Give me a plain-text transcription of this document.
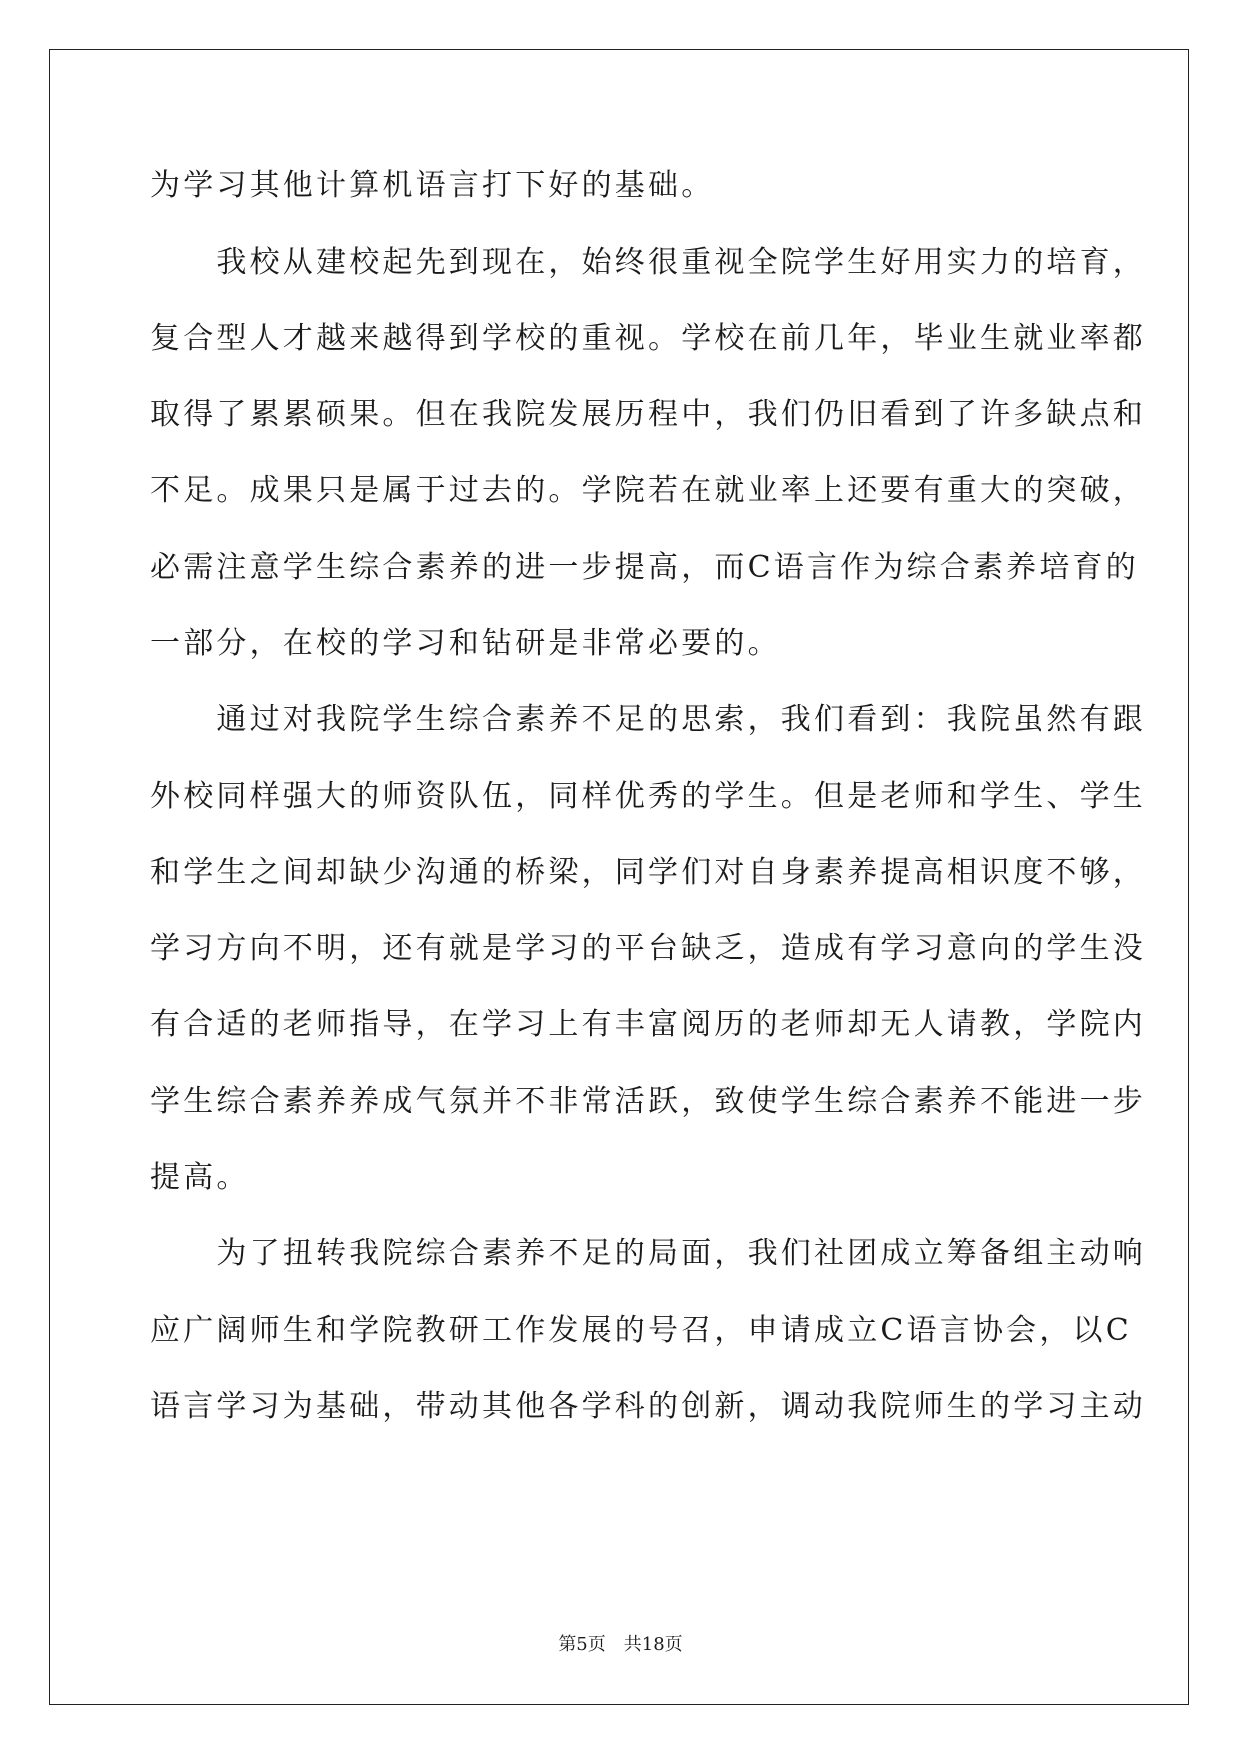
为学习其他计算机语言打下好的基础。
　　我校从建校起先到现在，始终很重视全院学生好用实力的培育，
复合型人才越来越得到学校的重视。学校在前几年，毕业生就业率都
取得了累累硕果。但在我院发展历程中，我们仍旧看到了许多缺点和
不足。成果只是属于过去的。学院若在就业率上还要有重大的突破，
必需注意学生综合素养的进一步提高，而C语言作为综合素养培育的
一部分，在校的学习和钻研是非常必要的。
　　通过对我院学生综合素养不足的思索，我们看到：我院虽然有跟
外校同样强大的师资队伍，同样优秀的学生。但是老师和学生、学生
和学生之间却缺少沟通的桥梁，同学们对自身素养提高相识度不够，
学习方向不明，还有就是学习的平台缺乏，造成有学习意向的学生没
有合适的老师指导，在学习上有丰富阅历的老师却无人请教，学院内
学生综合素养养成气氛并不非常活跃，致使学生综合素养不能进一步
提高。
　　为了扭转我院综合素养不足的局面，我们社团成立筹备组主动响
应广阔师生和学院教研工作发展的号召，申请成立C语言协会，以C
语言学习为基础，带动其他各学科的创新，调动我院师生的学习主动
第5页　共18页
